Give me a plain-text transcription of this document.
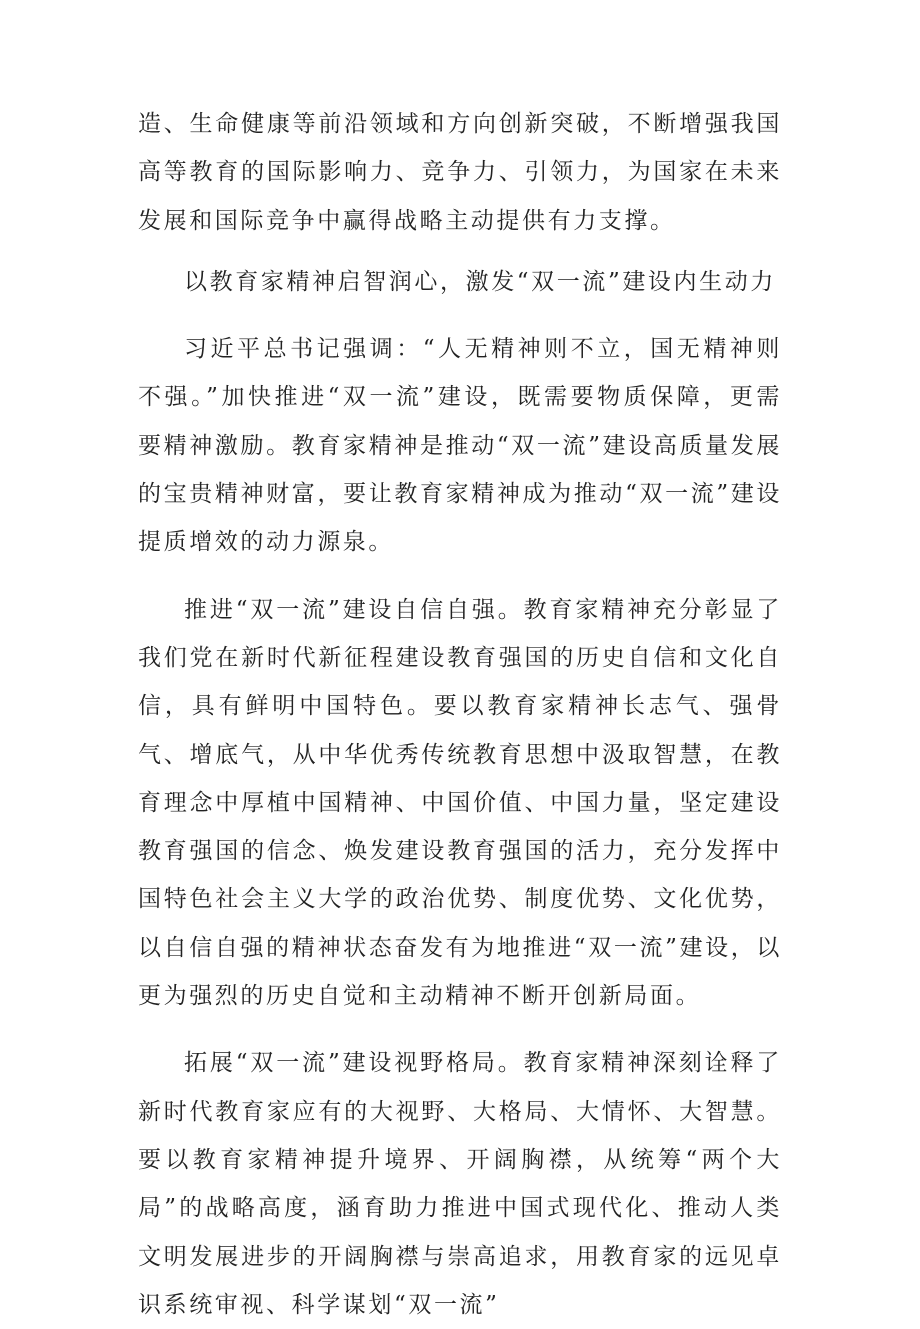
造、生命健康等前沿领域和方向创新突破，不断增强我国高等教育的国际影响力、竞争力、引领力，为国家在未来发展和国际竞争中赢得战略主动提供有力支撑。

以教育家精神启智润心，激发“双一流”建设内生动力

习近平总书记强调：“人无精神则不立，国无精神则不强。”加快推进“双一流”建设，既需要物质保障，更需要精神激励。教育家精神是推动“双一流”建设高质量发展的宝贵精神财富，要让教育家精神成为推动“双一流”建设提质增效的动力源泉。

推进“双一流”建设自信自强。教育家精神充分彰显了我们党在新时代新征程建设教育强国的历史自信和文化自信，具有鲜明中国特色。要以教育家精神长志气、强骨气、增底气，从中华优秀传统教育思想中汲取智慧，在教育理念中厚植中国精神、中国价值、中国力量，坚定建设教育强国的信念、焕发建设教育强国的活力，充分发挥中国特色社会主义大学的政治优势、制度优势、文化优势，以自信自强的精神状态奋发有为地推进“双一流”建设，以更为强烈的历史自觉和主动精神不断开创新局面。

拓展“双一流”建设视野格局。教育家精神深刻诠释了新时代教育家应有的大视野、大格局、大情怀、大智慧。要以教育家精神提升境界、开阔胸襟，从统筹“两个大局”的战略高度，涵育助力推进中国式现代化、推动人类文明发展进步的开阔胸襟与崇高追求，用教育家的远见卓识系统审视、科学谋划“双一流”
